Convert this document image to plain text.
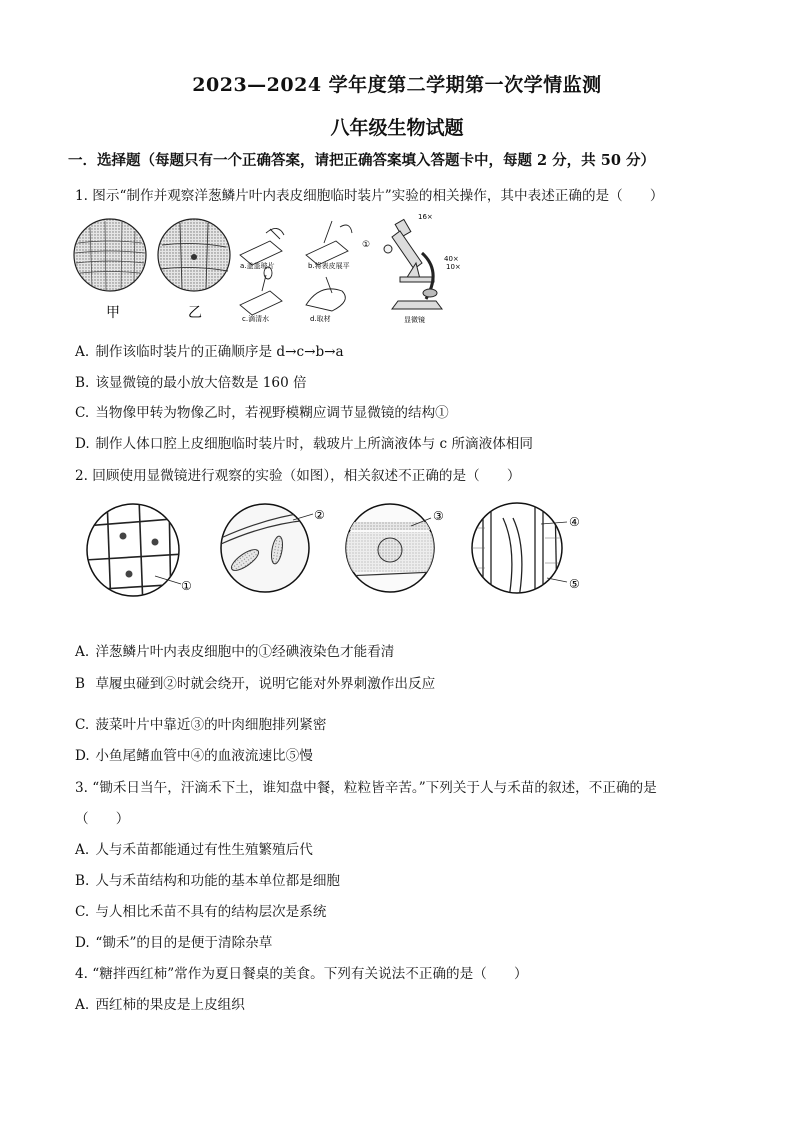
2023—2024 学年度第二学期第一次学情监测
八年级生物试题
一．选择题（每题只有一个正确答案，请把正确答案填入答题卡中，每题 2 分，共 50 分）
1. 图示“制作并观察洋葱鳞片叶内表皮细胞临时装片”实验的相关操作，其中表述正确的是（　　）
甲	乙
a.盖盖玻片	b.将表皮展平
c.滴清水	d.取材
16×
40×
10×
①
显微镜
A. 制作该临时装片的正确顺序是 d→c→b→a
B. 该显微镜的最小放大倍数是 160 倍
C. 当物像甲转为物像乙时，若视野模糊应调节显微镜的结构①
D. 制作人体口腔上皮细胞临时装片时，载玻片上所滴液体与 c 所滴液体相同
2. 回顾使用显微镜进行观察的实验（如图），相关叙述不正确的是（　　）
①
②	③	④
⑤
A. 洋葱鳞片叶内表皮细胞中的①经碘液染色才能看清
B 草履虫碰到②时就会绕开，说明它能对外界刺激作出反应
C. 菠菜叶片中靠近③的叶肉细胞排列紧密
D. 小鱼尾鳍血管中④的血液流速比⑤慢
3. “锄禾日当午，汗滴禾下土，谁知盘中餐，粒粒皆辛苦。”下列关于人与禾苗的叙述，不正确的是
（　　）
A. 人与禾苗都能通过有性生殖繁殖后代
B. 人与禾苗结构和功能的基本单位都是细胞
C. 与人相比禾苗不具有的结构层次是系统
D. “锄禾”的目的是便于清除杂草
4. “糖拌西红柿”常作为夏日餐桌的美食。下列有关说法不正确的是（　　）
A. 西红柿的果皮是上皮组织
